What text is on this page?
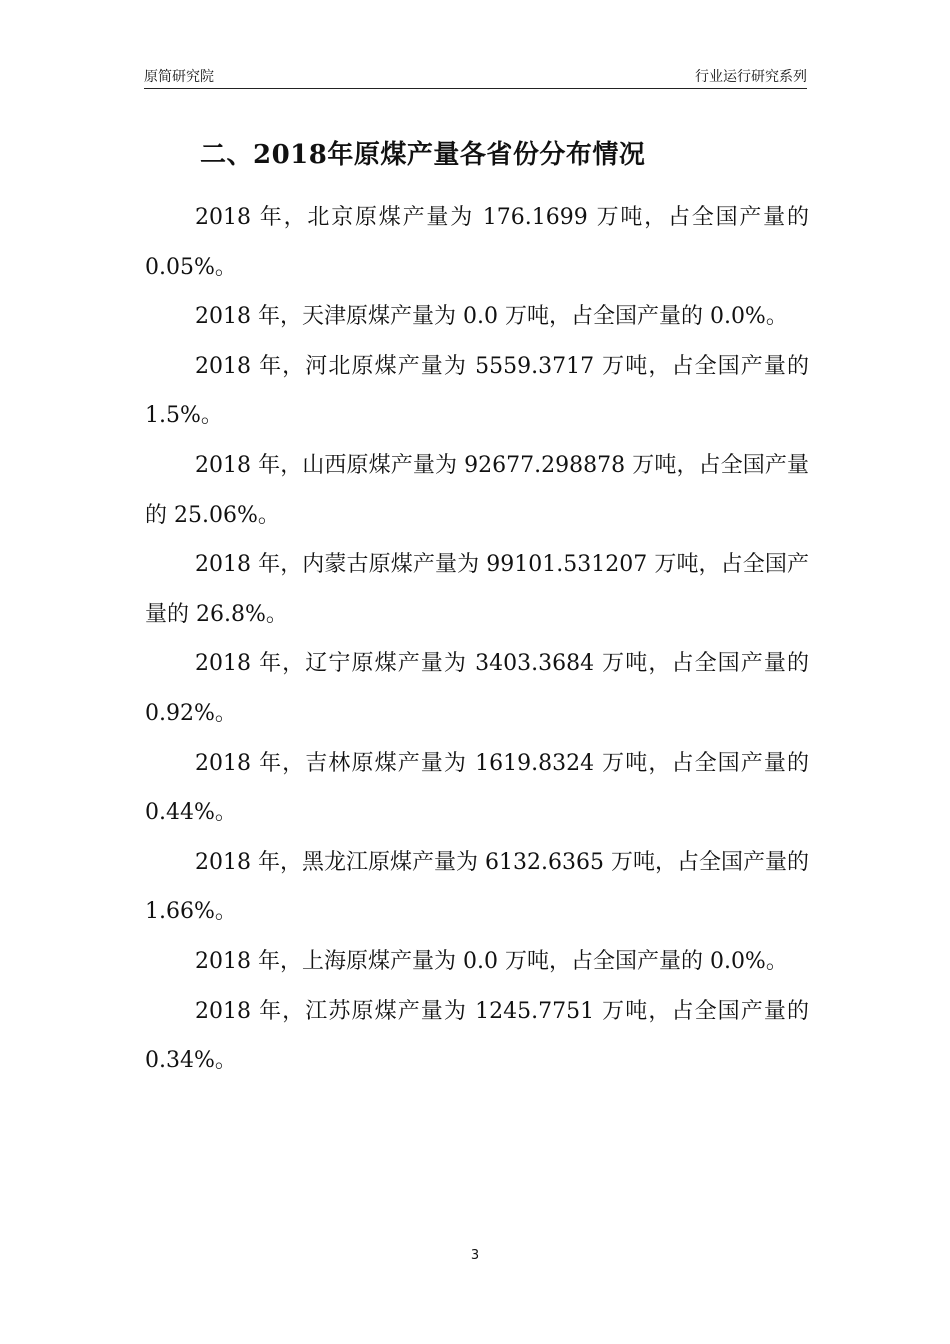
原简研究院	行业运行研究系列
二、2018年原煤产量各省份分布情况

2018 年，北京原煤产量为 176.1699 万吨，占全国产量的 0.05%。

2018 年，天津原煤产量为 0.0 万吨，占全国产量的 0.0%。

2018 年，河北原煤产量为 5559.3717 万吨，占全国产量的 1.5%。

2018 年，山西原煤产量为 92677.298878 万吨，占全国产量的 25.06%。

2018 年，内蒙古原煤产量为 99101.531207 万吨，占全国产量的 26.8%。

2018 年，辽宁原煤产量为 3403.3684 万吨，占全国产量的 0.92%。

2018 年，吉林原煤产量为 1619.8324 万吨，占全国产量的 0.44%。

2018 年，黑龙江原煤产量为 6132.6365 万吨，占全国产量的 1.66%。

2018 年，上海原煤产量为 0.0 万吨，占全国产量的 0.0%。

2018 年，江苏原煤产量为 1245.7751 万吨，占全国产量的 0.34%。

3
